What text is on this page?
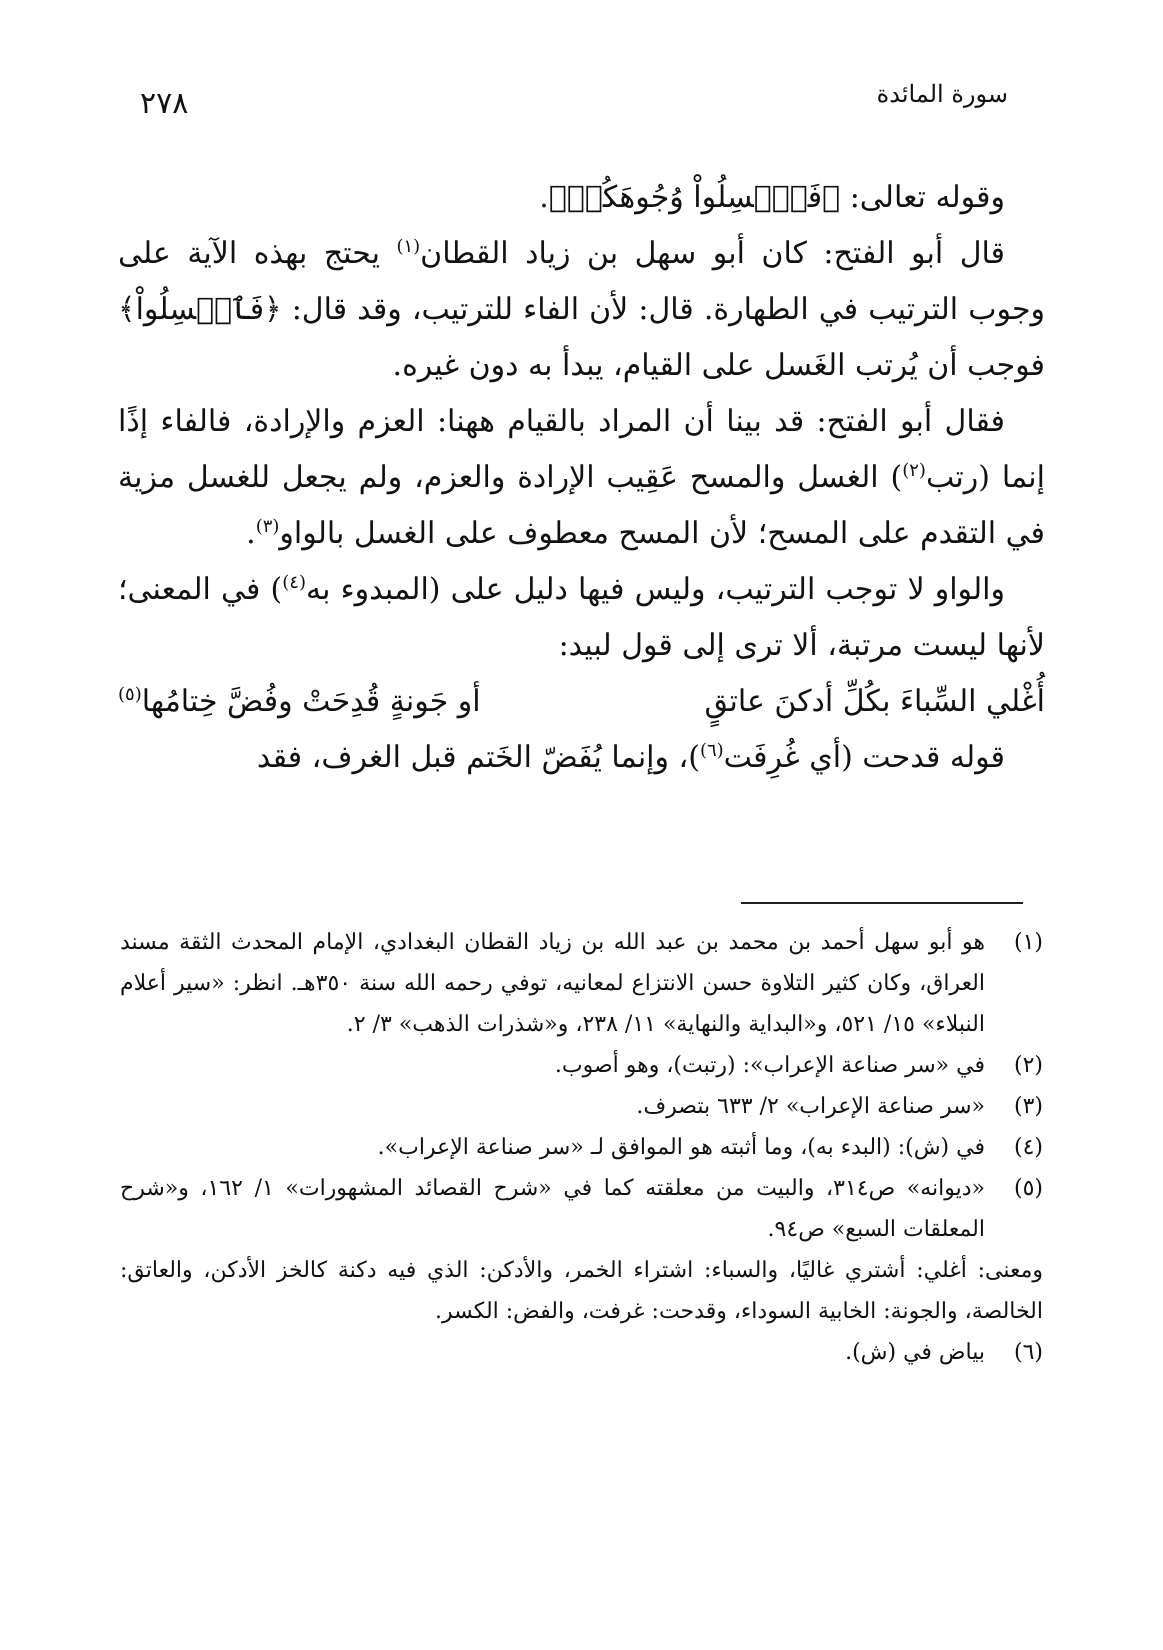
٢٧٨	سورة المائدة

وقوله تعالى: ﴿فَٱغۡسِلُواْ وُجُوهَكُمۡ﴾.

قال أبو الفتح: كان أبو سهل بن زياد القطان$^{(١)}$ يحتج بهذه الآية على وجوب الترتيب في الطهارة. قال: لأن الفاء للترتيب، وقد قال: ﴿فَٱغۡسِلُواْ﴾ فوجب أن يُرتب الغَسل على القيام، يبدأ به دون غيره.

فقال أبو الفتح: قد بينا أن المراد بالقيام ههنا: العزم والإرادة، فالفاء إذًا إنما (رتب$^{(٢)}$) الغسل والمسح عَقِيب الإرادة والعزم، ولم يجعل للغسل مزية في التقدم على المسح؛ لأن المسح معطوف على الغسل بالواو$^{(٣)}$.

والواو لا توجب الترتيب، وليس فيها دليل على (المبدوء به$^{(٤)}$) في المعنى؛ لأنها ليست مرتبة، ألا ترى إلى قول لبيد:

أُغْلي السِّباءَ بكُلِّ أدكنَ عاتقٍ
أو جَونةٍ قُدِحَتْ وفُضَّ خِتامُها$^{(٥)}$

قوله قدحت (أي غُرِفَت$^{(٦)}$)، وإنما يُفَضّ الخَتم قبل الغرف، فقد

(١)

هو أبو سهل أحمد بن محمد بن عبد الله بن زياد القطان البغدادي، الإمام المحدث الثقة مسند العراق، وكان كثير التلاوة حسن الانتزاع لمعانيه، توفي رحمه الله سنة ٣٥٠هـ. انظر: «سير أعلام النبلاء» ١٥/ ٥٢١، و«البداية والنهاية» ١١/ ٢٣٨، و«شذرات الذهب» ٣/ ٢.

(٢)

في «سر صناعة الإعراب»: (رتبت)، وهو أصوب.

(٣)

«سر صناعة الإعراب» ٢/ ٦٣٣ بتصرف.

(٤)

في (ش): (البدء به)، وما أثبته هو الموافق لـ «سر صناعة الإعراب».

(٥)

«ديوانه» ص٣١٤، والبيت من معلقته كما في «شرح القصائد المشهورات» ١/ ١٦٢، و«شرح المعلقات السبع» ص٩٤.

ومعنى: أغلي: أشتري غاليًا، والسباء: اشتراء الخمر، والأدكن: الذي فيه دكنة كالخز الأدكن، والعاتق: الخالصة، والجونة: الخابية السوداء، وقدحت: غرفت، والفض: الكسر.

(٦)

بياض في (ش).
